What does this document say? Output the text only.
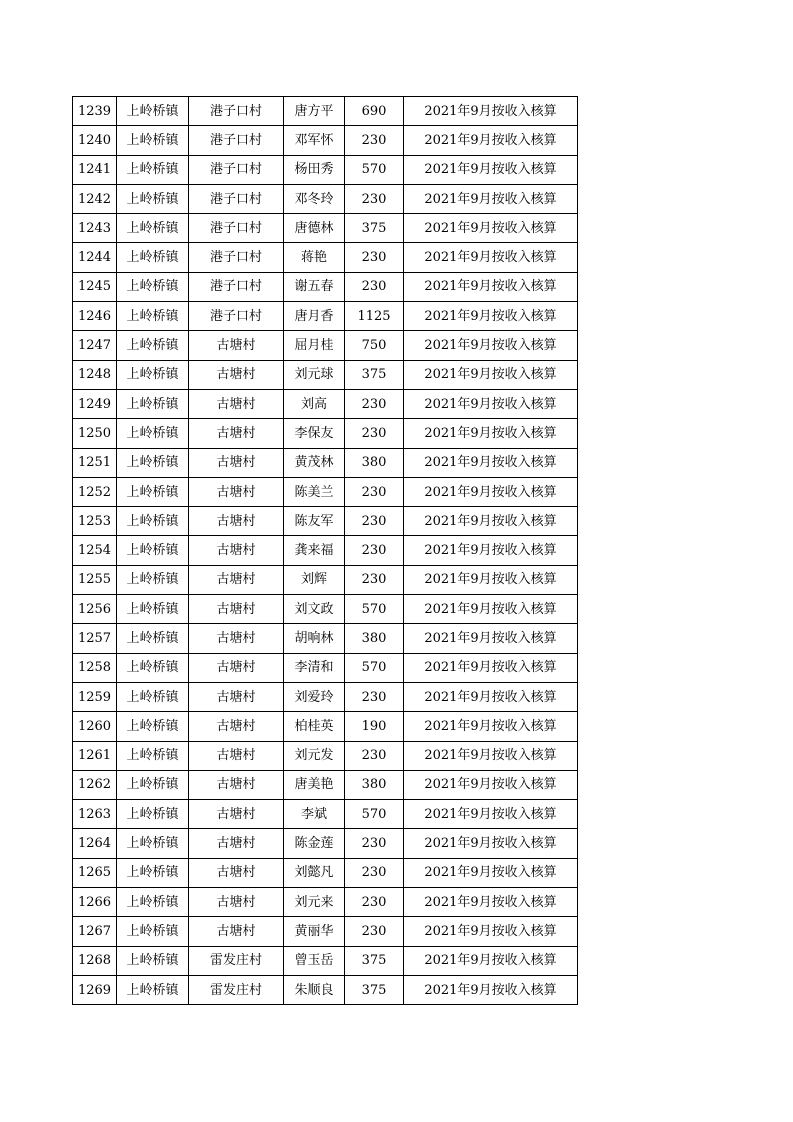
1239	上岭桥镇	港子口村	唐方平	690	2021年9月按收入核算
1240	上岭桥镇	港子口村	邓军怀	230	2021年9月按收入核算
1241	上岭桥镇	港子口村	杨田秀	570	2021年9月按收入核算
1242	上岭桥镇	港子口村	邓冬玲	230	2021年9月按收入核算
1243	上岭桥镇	港子口村	唐德林	375	2021年9月按收入核算
1244	上岭桥镇	港子口村	蒋艳	230	2021年9月按收入核算
1245	上岭桥镇	港子口村	谢五春	230	2021年9月按收入核算
1246	上岭桥镇	港子口村	唐月香	1125	2021年9月按收入核算
1247	上岭桥镇	古塘村	屈月桂	750	2021年9月按收入核算
1248	上岭桥镇	古塘村	刘元球	375	2021年9月按收入核算
1249	上岭桥镇	古塘村	刘高	230	2021年9月按收入核算
1250	上岭桥镇	古塘村	李保友	230	2021年9月按收入核算
1251	上岭桥镇	古塘村	黄茂林	380	2021年9月按收入核算
1252	上岭桥镇	古塘村	陈美兰	230	2021年9月按收入核算
1253	上岭桥镇	古塘村	陈友军	230	2021年9月按收入核算
1254	上岭桥镇	古塘村	龚来福	230	2021年9月按收入核算
1255	上岭桥镇	古塘村	刘辉	230	2021年9月按收入核算
1256	上岭桥镇	古塘村	刘文政	570	2021年9月按收入核算
1257	上岭桥镇	古塘村	胡响林	380	2021年9月按收入核算
1258	上岭桥镇	古塘村	李清和	570	2021年9月按收入核算
1259	上岭桥镇	古塘村	刘爱玲	230	2021年9月按收入核算
1260	上岭桥镇	古塘村	柏桂英	190	2021年9月按收入核算
1261	上岭桥镇	古塘村	刘元发	230	2021年9月按收入核算
1262	上岭桥镇	古塘村	唐美艳	380	2021年9月按收入核算
1263	上岭桥镇	古塘村	李斌	570	2021年9月按收入核算
1264	上岭桥镇	古塘村	陈金莲	230	2021年9月按收入核算
1265	上岭桥镇	古塘村	刘懿凡	230	2021年9月按收入核算
1266	上岭桥镇	古塘村	刘元来	230	2021年9月按收入核算
1267	上岭桥镇	古塘村	黄丽华	230	2021年9月按收入核算
1268	上岭桥镇	雷发庄村	曾玉岳	375	2021年9月按收入核算
1269	上岭桥镇	雷发庄村	朱顺良	375	2021年9月按收入核算
